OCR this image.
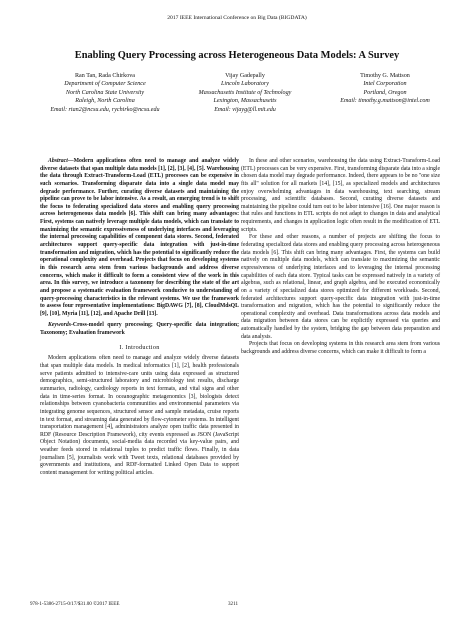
2017 IEEE International Conference on Big Data (BIGDATA)
Enabling Query Processing across Heterogeneous Data Models: A Survey
Ran Tan, Rada Chirkova
Department of Computer Science
North Carolina State University
Raleigh, North Carolina
Email: rtan2@ncsu.edu, rychirko@ncsu.edu
Vijay Gadepally
Lincoln Laboratory
Massachusetts Institute of Technology
Lexington, Massachusetts
Email: vijayg@ll.mit.edu
Timothy G. Mattson
Intel Corporation
Portland, Oregon
Email: timothy.g.mattson@intel.com

Abstract—Modern applications often need to manage and analyze widely diverse datasets that span multiple data models [1], [2], [3], [4], [5]. Warehousing the data through Extract-Transform-Load (ETL) processes can be expensive in such scenarios. Transforming disparate data into a single data model may degrade performance. Further, curating diverse datasets and maintaining the pipeline can prove to be labor intensive. As a result, an emerging trend is to shift the focus to federating specialized data stores and enabling query processing across heterogeneous data models [6]. This shift can bring many advantages: First, systems can natively leverage multiple data models, which can translate to maximizing the semantic expressiveness of underlying interfaces and leveraging the internal processing capabilities of component data stores. Second, federated architectures support query-specific data integration with just-in-time transformation and migration, which has the potential to significantly reduce the operational complexity and overhead. Projects that focus on developing systems in this research area stem from various backgrounds and address diverse concerns, which make it difficult to form a consistent view of the work in this area. In this survey, we introduce a taxonomy for describing the state of the art and propose a systematic evaluation framework conducive to understanding of query-processing characteristics in the relevant systems. We use the framework to assess four representative implementations: BigDAWG [7], [8], CloudMdsQL [9], [10], Myria [11], [12], and Apache Drill [13].

Keywords-Cross-model query processing; Query-specific data integration; Taxonomy; Evaluation framework

I. Introduction

Modern applications often need to manage and analyze widely diverse datasets that span multiple data models. In medical informatics [1], [2], health professionals serve patients admitted to intensive-care units using data expressed as structured demographics, semi-structured laboratory and microbiology test results, discharge summaries, radiology, cardiology reports in text formats, and vital signs and other data in time-series format. In oceanographic metagenomics [3], biologists detect relationships between cyanobacteria communities and environmental parameters via integrating genome sequences, structured sensor and sample metadata, cruise reports in text format, and streaming data generated by flow-cytometer systems. In intelligent transportation management [4], administrators analyze open traffic data presented in RDF (Resource Description Framework), city events expressed as JSON (JavaScript Object Notation) documents, social-media data recorded via key-value pairs, and weather feeds stored in relational tuples to predict traffic flows. Finally, in data journalism [5], journalists work with Tweet texts, relational databases provided by governments and institutions, and RDF-formatted Linked Open Data to support content management for writing political articles.

In these and other scenarios, warehousing the data using Extract-Transform-Load (ETL) processes can be very expensive. First, transforming disparate data into a single chosen data model may degrade performance. Indeed, there appears to be no "one size fits all" solution for all markets [14], [15], as specialized models and architectures enjoy overwhelming advantages in data warehousing, text searching, stream processing, and scientific databases. Second, curating diverse datasets and maintaining the pipeline could turn out to be labor intensive [16]. One major reason is that rules and functions in ETL scripts do not adapt to changes in data and analytical requirements, and changes in application logic often result in the modification of ETL scripts.

For these and other reasons, a number of projects are shifting the focus to federating specialized data stores and enabling query processing across heterogeneous data models [6]. This shift can bring many advantages. First, the systems can build natively on multiple data models, which can translate to maximizing the semantic expressiveness of underlying interfaces and to leveraging the internal processing capabilities of each data store. Typical tasks can be expressed natively in a variety of algebras, such as relational, linear, and graph algebra, and be executed economically on a variety of specialized data stores optimized for different workloads. Second, federated architectures support query-specific data integration with just-in-time transformation and migration, which has the potential to significantly reduce the operational complexity and overhead. Data transformations across data models and data migration between data stores can be explicitly expressed via queries and automatically handled by the system, bridging the gap between data preparation and data analysis.

Projects that focus on developing systems in this research area stem from various backgrounds and address diverse concerns, which can make it difficult to form a

978-1-5386-2715-0/17/$31.00 ©2017 IEEE	3211
